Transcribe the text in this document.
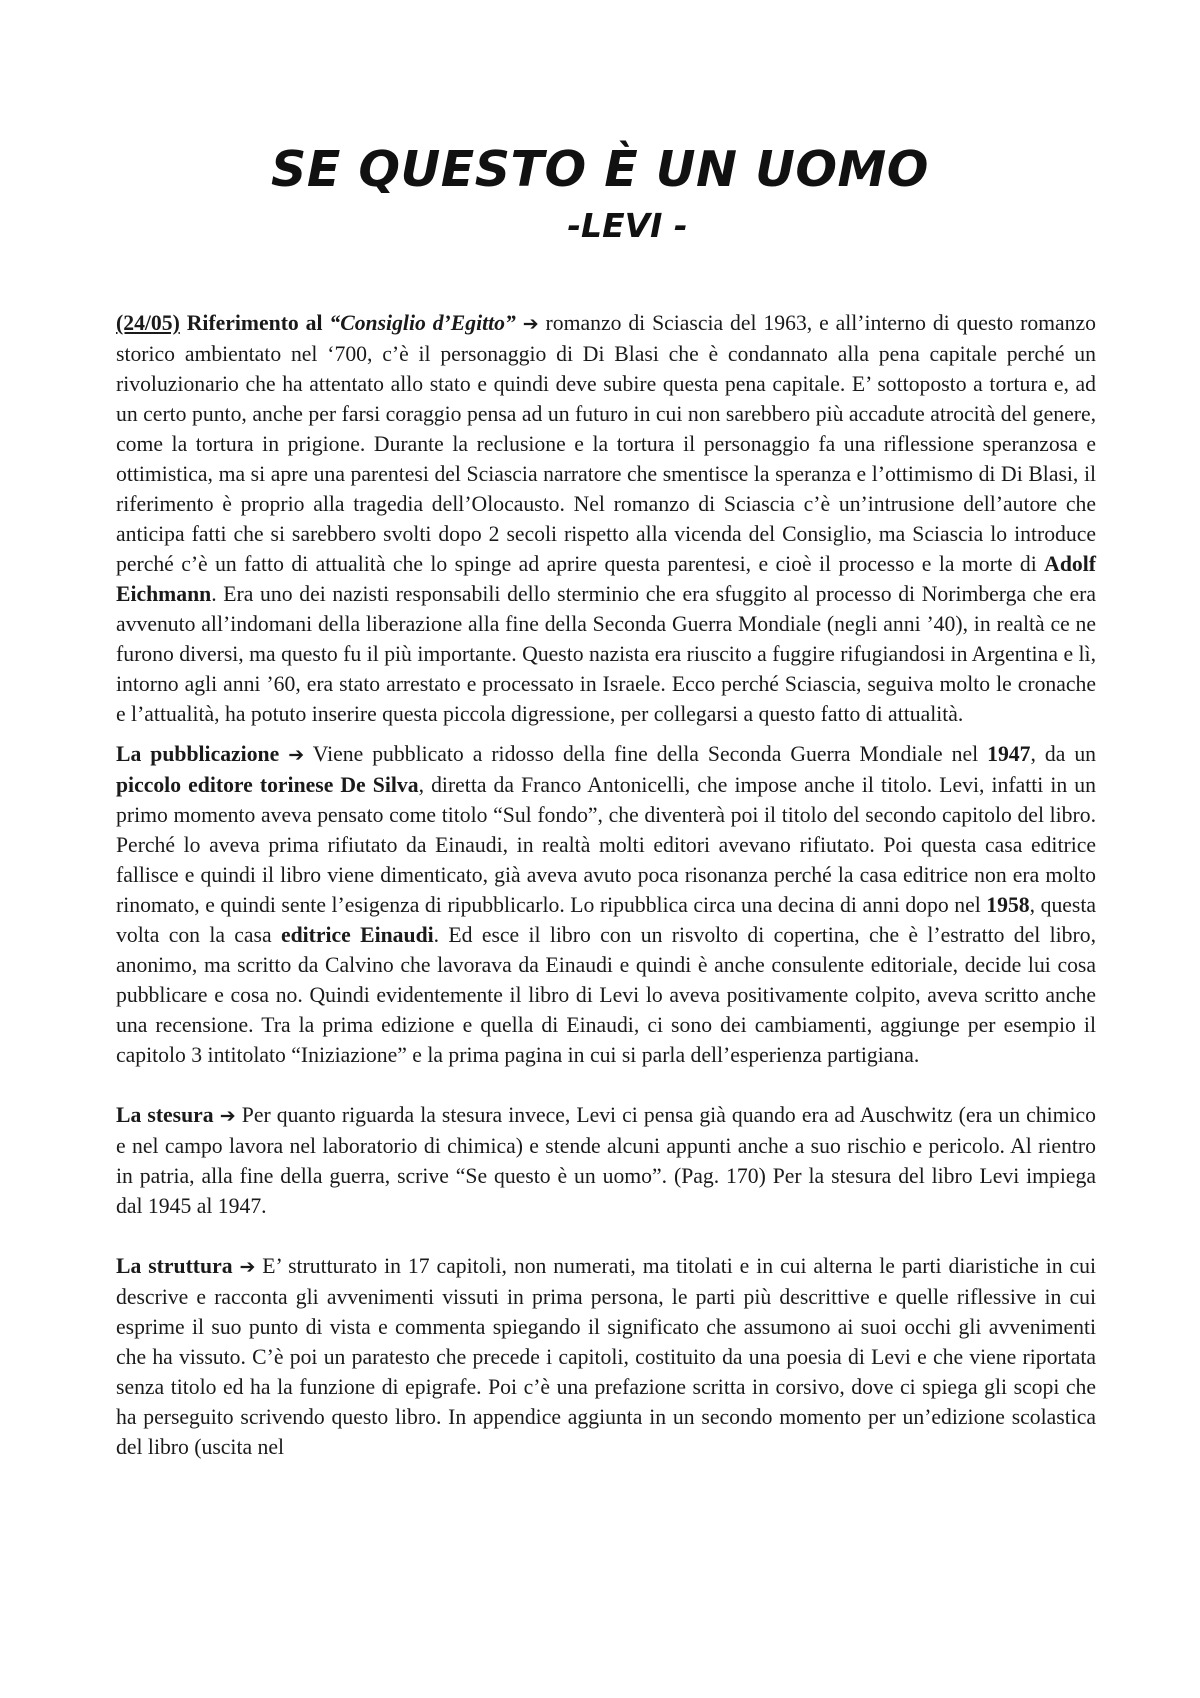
SE QUESTO È UN UOMO
-LEVI -

(24/05) Riferimento al “Consiglio d’Egitto” ➔ romanzo di Sciascia del 1963, e all’interno di questo romanzo storico ambientato nel ‘700, c’è il personaggio di Di Blasi che è condannato alla pena capitale perché un rivoluzionario che ha attentato allo stato e quindi deve subire questa pena capitale. E’ sottoposto a tortura e, ad un certo punto, anche per farsi coraggio pensa ad un futuro in cui non sarebbero più accadute atrocità del genere, come la tortura in prigione. Durante la reclusione e la tortura il personaggio fa una riflessione speranzosa e ottimistica, ma si apre una parentesi del Sciascia narratore che smentisce la speranza e l’ottimismo di Di Blasi, il riferimento è proprio alla tragedia dell’Olocausto. Nel romanzo di Sciascia c’è un’intrusione dell’autore che anticipa fatti che si sarebbero svolti dopo 2 secoli rispetto alla vicenda del Consiglio, ma Sciascia lo introduce perché c’è un fatto di attualità che lo spinge ad aprire questa parentesi, e cioè il processo e la morte di Adolf Eichmann. Era uno dei nazisti responsabili dello sterminio che era sfuggito al processo di Norimberga che era avvenuto all’indomani della liberazione alla fine della Seconda Guerra Mondiale (negli anni ’40), in realtà ce ne furono diversi, ma questo fu il più importante. Questo nazista era riuscito a fuggire rifugiandosi in Argentina e lì, intorno agli anni ’60, era stato arrestato e processato in Israele. Ecco perché Sciascia, seguiva molto le cronache e l’attualità, ha potuto inserire questa piccola digressione, per collegarsi a questo fatto di attualità.

La pubblicazione ➔ Viene pubblicato a ridosso della fine della Seconda Guerra Mondiale nel 1947, da un piccolo editore torinese De Silva, diretta da Franco Antonicelli, che impose anche il titolo. Levi, infatti in un primo momento aveva pensato come titolo “Sul fondo”, che diventerà poi il titolo del secondo capitolo del libro. Perché lo aveva prima rifiutato da Einaudi, in realtà molti editori avevano rifiutato. Poi questa casa editrice fallisce e quindi il libro viene dimenticato, già aveva avuto poca risonanza perché la casa editrice non era molto rinomato, e quindi sente l’esigenza di ripubblicarlo. Lo ripubblica circa una decina di anni dopo nel 1958, questa volta con la casa editrice Einaudi. Ed esce il libro con un risvolto di copertina, che è l’estratto del libro, anonimo, ma scritto da Calvino che lavorava da Einaudi e quindi è anche consulente editoriale, decide lui cosa pubblicare e cosa no. Quindi evidentemente il libro di Levi lo aveva positivamente colpito, aveva scritto anche una recensione. Tra la prima edizione e quella di Einaudi, ci sono dei cambiamenti, aggiunge per esempio il capitolo 3 intitolato “Iniziazione” e la prima pagina in cui si parla dell’esperienza partigiana.

La stesura ➔ Per quanto riguarda la stesura invece, Levi ci pensa già quando era ad Auschwitz (era un chimico e nel campo lavora nel laboratorio di chimica) e stende alcuni appunti anche a suo rischio e pericolo. Al rientro in patria, alla fine della guerra, scrive “Se questo è un uomo”. (Pag. 170) Per la stesura del libro Levi impiega dal 1945 al 1947.

La struttura ➔ E’ strutturato in 17 capitoli, non numerati, ma titolati e in cui alterna le parti diaristiche in cui descrive e racconta gli avvenimenti vissuti in prima persona, le parti più descrittive e quelle riflessive in cui esprime il suo punto di vista e commenta spiegando il significato che assumono ai suoi occhi gli avvenimenti che ha vissuto. C’è poi un paratesto che precede i capitoli, costituito da una poesia di Levi e che viene riportata senza titolo ed ha la funzione di epigrafe. Poi c’è una prefazione scritta in corsivo, dove ci spiega gli scopi che ha perseguito scrivendo questo libro. In appendice aggiunta in un secondo momento per un’edizione scolastica del libro (uscita nel
